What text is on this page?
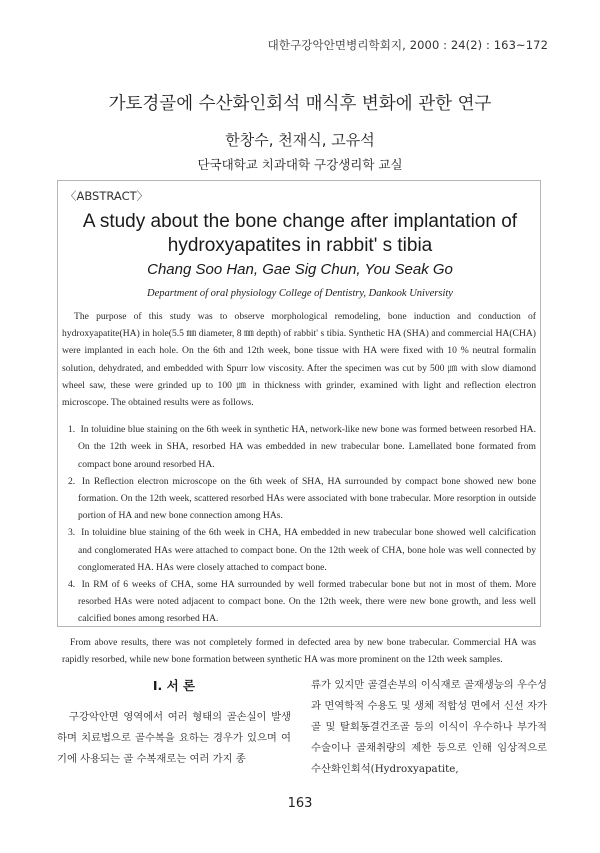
대한구강악안면병리학회지, 2000 : 24(2) : 163~172
가토경골에 수산화인회석 매식후 변화에 관한 연구
한창수, 천재식, 고유석
단국대학교 치과대학 구강생리학 교실
〈ABSTRACT〉
A study about the bone change after implantation of
hydroxyapatites in rabbit' s tibia
Chang Soo Han, Gae Sig Chun, You Seak Go
Department of oral physiology College of Dentistry, Dankook University

The purpose of this study was to observe morphological remodeling, bone induction and conduction of hydroxyapatite(HA) in hole(5.5 ㎜ diameter, 8 ㎜ depth) of rabbit' s tibia. Synthetic HA (SHA) and commercial HA(CHA) were implanted in each hole. On the 6th and 12th week, bone tissue with HA were fixed with 10 % neutral formalin solution, dehydrated, and embedded with Spurr low viscosity. After the specimen was cut by 500 ㎛ with slow diamond wheel saw, these were grinded up to 100 ㎛ in thickness with grinder, examined with light and reflection electron microscope. The obtained results were as follows.

1. In toluidine blue staining on the 6th week in synthetic HA, network-like new bone was formed between resorbed HA. On the 12th week in SHA, resorbed HA was embedded in new trabecular bone. Lamellated bone formated from compact bone around resorbed HA.
2. In Reflection electron microscope on the 6th week of SHA, HA surrounded by compact bone showed new bone formation. On the 12th week, scattered resorbed HAs were associated with bone trabecular. More resorption in outside portion of HA and new bone connection among HAs.
3. In toluidine blue staining of the 6th week in CHA, HA embedded in new trabecular bone showed well calcification and conglomerated HAs were attached to compact bone. On the 12th week of CHA, bone hole was well connected by conglomerated HA. HAs were closely attached to compact bone.
4. In RM of 6 weeks of CHA, some HA surrounded by well formed trabecular bone but not in most of them. More resorbed HAs were noted adjacent to compact bone. On the 12th week, there were new bone growth, and less well calcified bones among resorbed HA.

From above results, there was not completely formed in defected area by new bone trabecular. Commercial HA was rapidly resorbed, while new bone formation between synthetic HA was more prominent on the 12th week samples.

I. 서 론

구강악안면 영역에서 여러 형태의 골손실이 발생하며 치료법으로 골수복을 요하는 경우가 있으며 여기에 사용되는 골 수복재로는 여러 가지 종

류가 있지만 골결손부의 이식재로 골재생능의 우수성과 면역학적 수용도 및 생체 적합성 면에서 신선 자가골 및 탈회동결건조골 등의 이식이 우수하나 부가적 수술이나 골채취량의 제한 등으로 인해 임상적으로 수산화인회석(Hydroxyapatite,

163
